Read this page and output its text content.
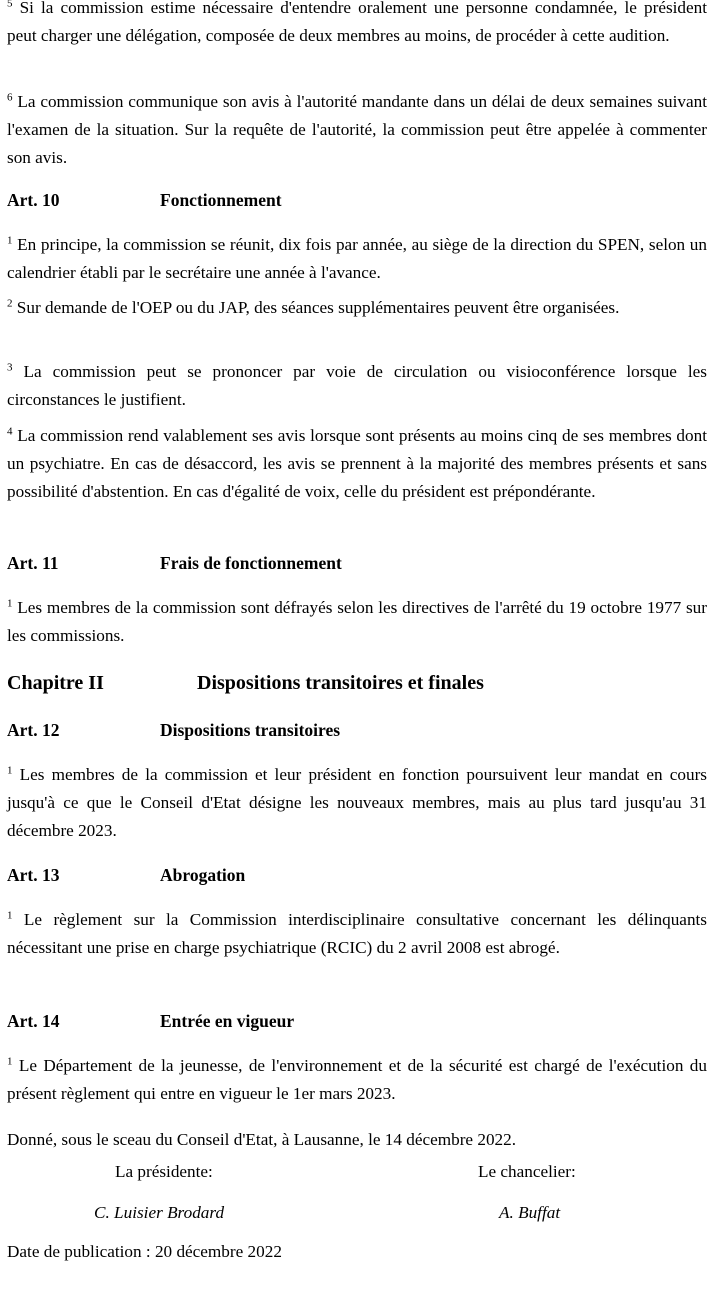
$^5$ Si la commission estime nécessaire d'entendre oralement une personne condamnée, le président peut charger une délégation, composée de deux membres au moins, de procéder à cette audition.

$^6$ La commission communique son avis à l'autorité mandante dans un délai de deux semaines suivant l'examen de la situation. Sur la requête de l'autorité, la commission peut être appelée à commenter son avis.

Art. 10	Fonctionnement

$^1$ En principe, la commission se réunit, dix fois par année, au siège de la direction du SPEN, selon un calendrier établi par le secrétaire une année à l'avance.

$^2$ Sur demande de l'OEP ou du JAP, des séances supplémentaires peuvent être organisées.

$^3$ La commission peut se prononcer par voie de circulation ou visioconférence lorsque les circonstances le justifient.

$^4$ La commission rend valablement ses avis lorsque sont présents au moins cinq de ses membres dont un psychiatre. En cas de désaccord, les avis se prennent à la majorité des membres présents et sans possibilité d'abstention. En cas d'égalité de voix, celle du président est prépondérante.

Art. 11	Frais de fonctionnement

$^1$ Les membres de la commission sont défrayés selon les directives de l'arrêté du 19 octobre 1977 sur les commissions.

Chapitre II	Dispositions transitoires et finales
Art. 12	Dispositions transitoires

$^1$ Les membres de la commission et leur président en fonction poursuivent leur mandat en cours jusqu'à ce que le Conseil d'Etat désigne les nouveaux membres, mais au plus tard jusqu'au 31 décembre 2023.

Art. 13	Abrogation

$^1$ Le règlement sur la Commission interdisciplinaire consultative concernant les délinquants nécessitant une prise en charge psychiatrique (RCIC) du 2 avril 2008 est abrogé.

Art. 14	Entrée en vigueur

$^1$ Le Département de la jeunesse, de l'environnement et de la sécurité est chargé de l'exécution du présent règlement qui entre en vigueur le 1er mars 2023.

Donné, sous le sceau du Conseil d'Etat, à Lausanne, le 14 décembre 2022.

La présidente:	Le chancelier:
C. Luisier Brodard	A. Buffat
Date de publication : 20 décembre 2022
